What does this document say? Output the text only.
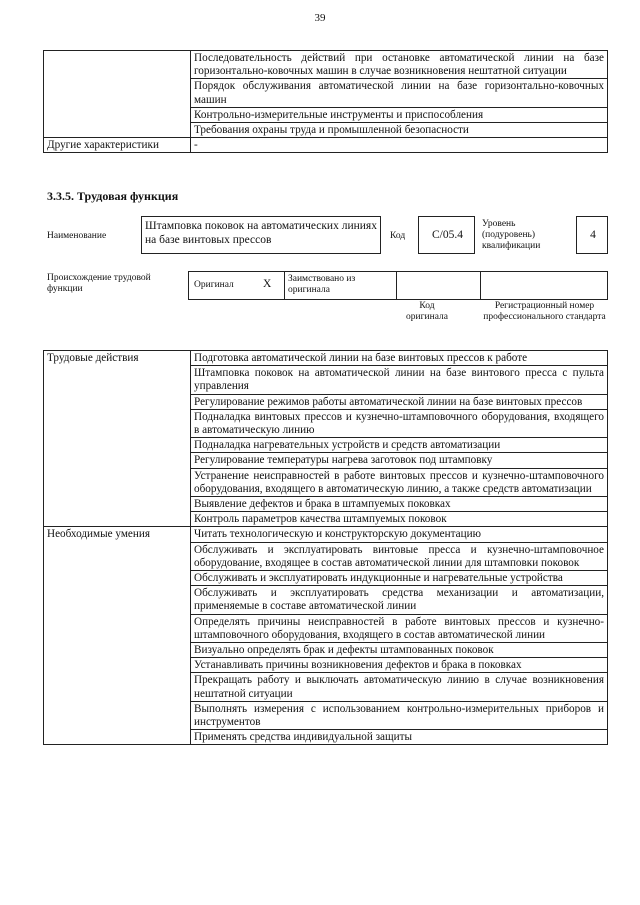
39
	Последовательность действий при остановке автоматической линии на базе горизонтально-ковочных машин в случае возникновения нештатной ситуации
	Порядок обслуживания автоматической линии на базе горизонтально-ковочных машин
	Контрольно-измерительные инструменты и приспособления
	Требования охраны труда и промышленной безопасности
Другие характеристики	-
3.3.5. Трудовая функция
Наименование
Штамповка поковок на автоматических линиях на базе винтовых прессов	Код	C/05.4
Уровень (подуровень) квалификации
4
Происхождение трудовой функции	Оригинал	X Заимствовано из оригинала
Код оригинала
Регистрационный номер профессионального стандарта
Трудовые действия	Подготовка автоматической линии на базе винтовых прессов к работе
	Штамповка поковок на автоматической линии на базе винтового пресса с пульта управления
	Регулирование режимов работы автоматической линии на базе винтовых прессов
	Подналадка винтовых прессов и кузнечно-штамповочного оборудования, входящего в автоматическую линию
	Подналадка нагревательных устройств и средств автоматизации
	Регулирование температуры нагрева заготовок под штамповку
	Устранение неисправностей в работе винтовых прессов и кузнечно-штамповочного оборудования, входящего в автоматическую линию, а также средств автоматизации
	Выявление дефектов и брака в штампуемых поковках
	Контроль параметров качества штампуемых поковок
Необходимые умения	Читать технологическую и конструкторскую документацию
	Обслуживать и эксплуатировать винтовые пресса и кузнечно-штамповочное оборудование, входящее в состав автоматической линии для штамповки поковок
	Обслуживать и эксплуатировать индукционные и нагревательные устройства
	Обслуживать и эксплуатировать средства механизации и автоматизации, применяемые в составе автоматической линии
	Определять причины неисправностей в работе винтовых прессов и кузнечно-штамповочного оборудования, входящего в состав автоматической линии
	Визуально определять брак и дефекты штампованных поковок
	Устанавливать причины возникновения дефектов и брака в поковках
	Прекращать работу и выключать автоматическую линию в случае возникновения нештатной ситуации
	Выполнять измерения с использованием контрольно-измерительных приборов и инструментов
	Применять средства индивидуальной защиты
